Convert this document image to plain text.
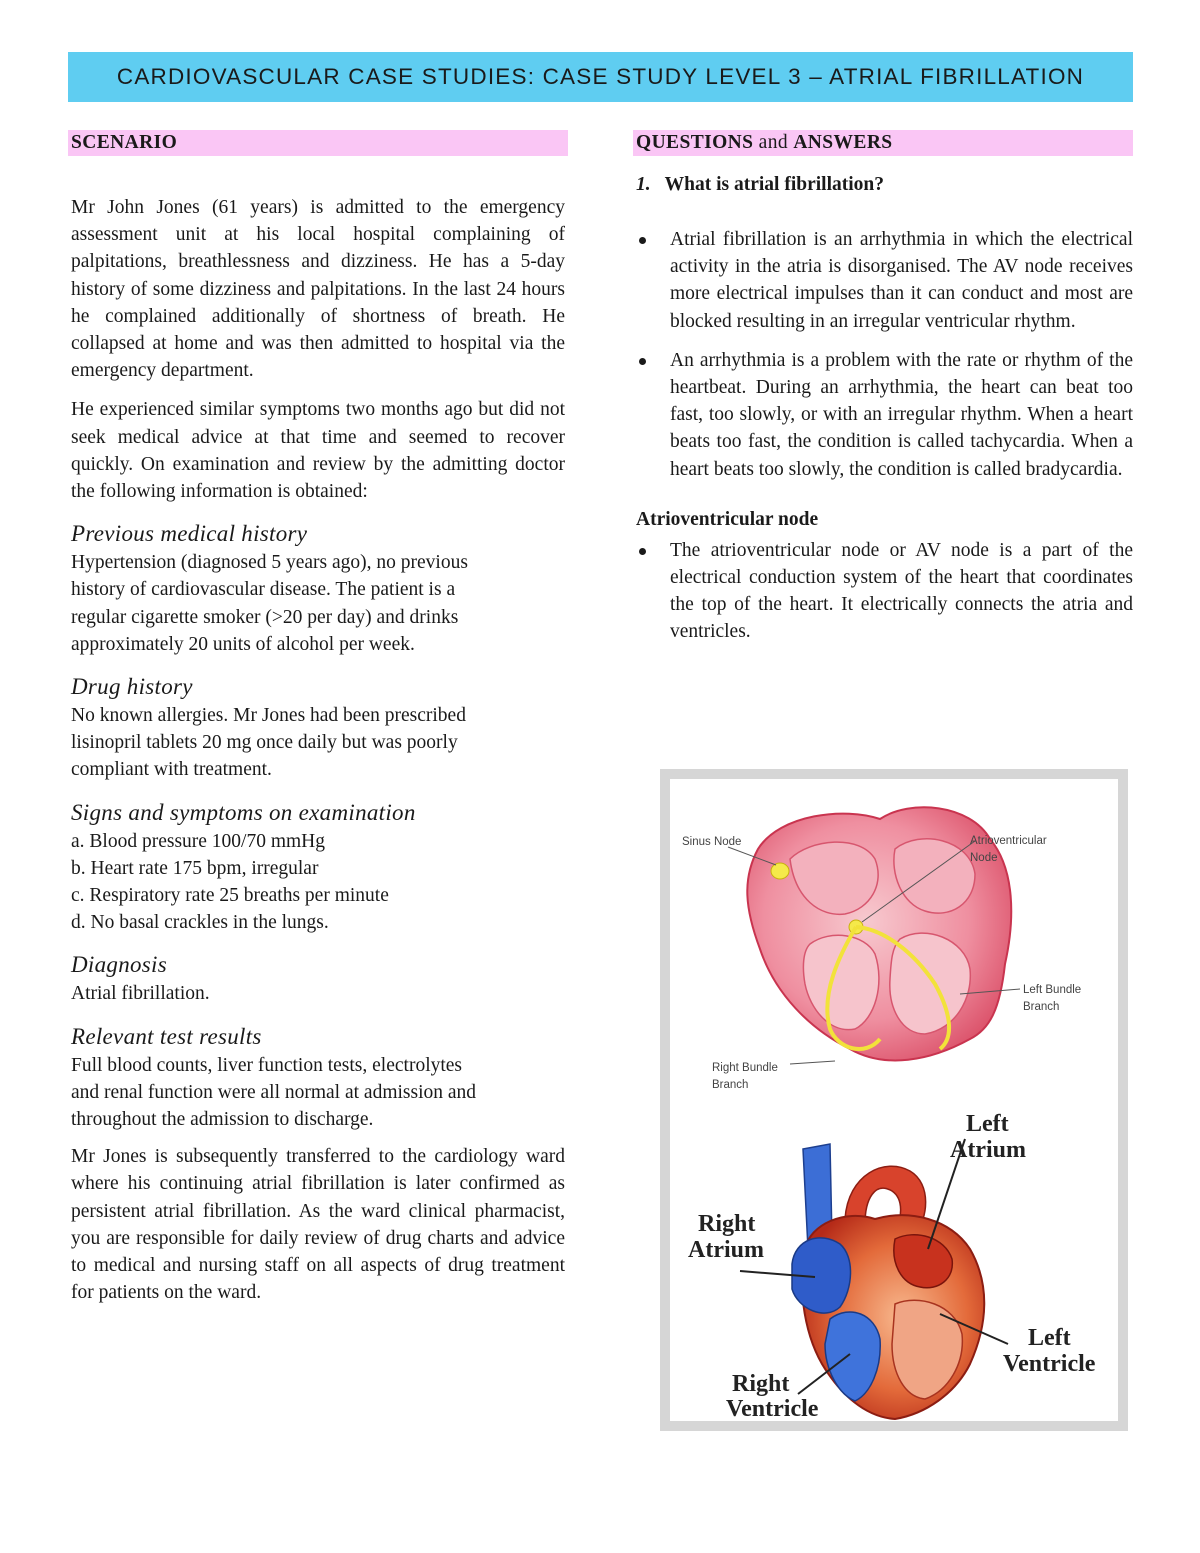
CARDIOVASCULAR CASE STUDIES: CASE STUDY LEVEL 3 – ATRIAL FIBRILLATION
SCENARIO

Mr John Jones (61 years) is admitted to the emergency assessment unit at his local hospital complaining of palpitations, breathlessness and dizziness. He has a 5-day history of some dizziness and palpitations. In the last 24 hours he complained additionally of shortness of breath. He collapsed at home and was then admitted to hospital via the emergency department.

He experienced similar symptoms two months ago but did not seek medical advice at that time and seemed to recover quickly. On examination and review by the admitting doctor the following information is obtained:

Previous medical history
Hypertension (diagnosed 5 years ago), no previous
history of cardiovascular disease. The patient is a
regular cigarette smoker (>20 per day) and drinks
approximately 20 units of alcohol per week.
Drug history
No known allergies. Mr Jones had been prescribed
lisinopril tablets 20 mg once daily but was poorly
compliant with treatment.
Signs and symptoms on examination
a. Blood pressure 100/70 mmHg
b. Heart rate 175 bpm, irregular
c. Respiratory rate 25 breaths per minute
d. No basal crackles in the lungs.
Diagnosis
Atrial fibrillation.
Relevant test results
Full blood counts, liver function tests, electrolytes
and renal function were all normal at admission and
throughout the admission to discharge.

Mr Jones is subsequently transferred to the cardiology ward where his continuing atrial fibrillation is later confirmed as persistent atrial fibrillation. As the ward clinical pharmacist, you are responsible for daily review of drug charts and advice to medical and nursing staff on all aspects of drug treatment for patients on the ward.

QUESTIONS and ANSWERS
1. What is atrial fibrillation?
Atrial fibrillation is an arrhythmia in which the electrical activity in the atria is disorganised. The AV node receives more electrical impulses than it can conduct and most are blocked resulting in an irregular ventricular rhythm.
An arrhythmia is a problem with the rate or rhythm of the heartbeat. During an arrhythmia, the heart can beat too fast, too slowly, or with an irregular rhythm. When a heart beats too fast, the condition is called tachycardia. When a heart beats too slowly, the condition is called bradycardia.
Atrioventricular node
The atrioventricular node or AV node is a part of the electrical conduction system of the heart that coordinates the top of the heart. It electrically connects the atria and ventricles.
Sinus Node	Atrioventricular
Node
Left Bundle
Branch
Right Bundle
Branch
Left
Atrium
Right
Atrium
Left
Ventricle
Right
Ventricle
